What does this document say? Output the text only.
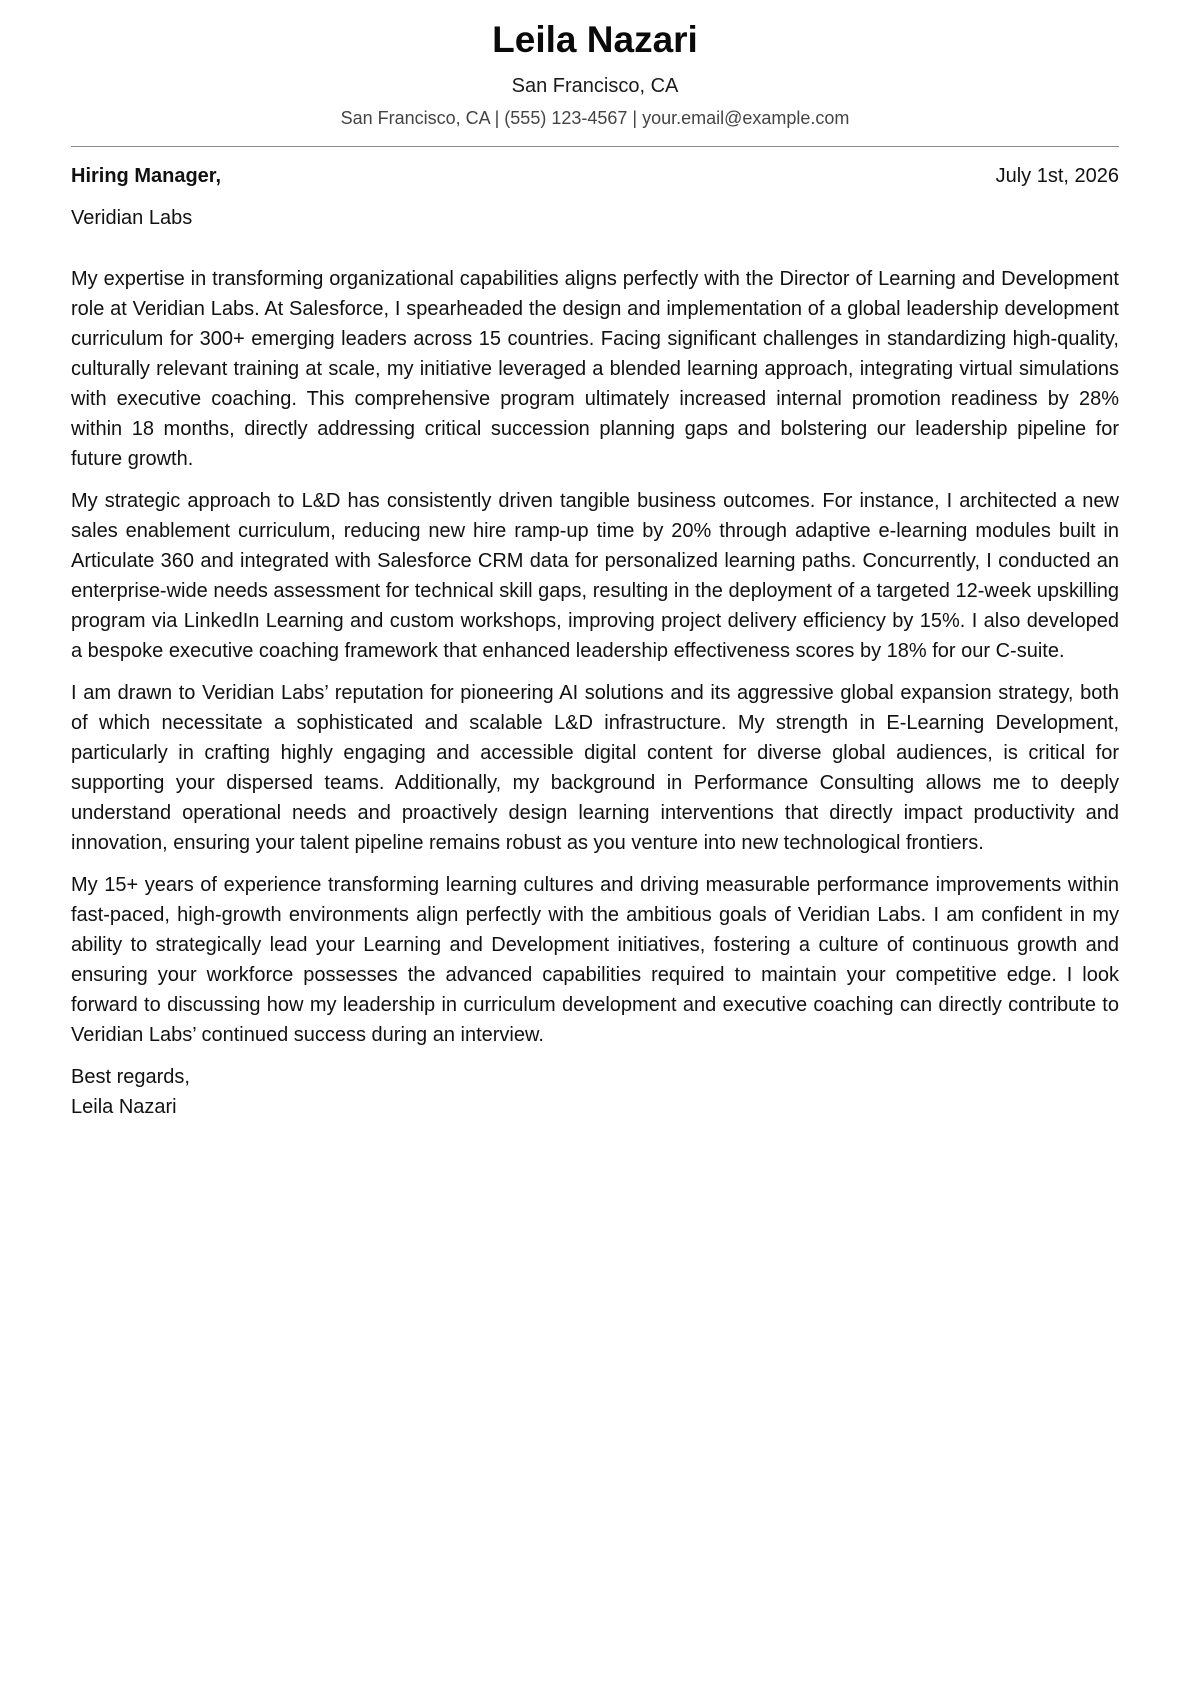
Leila Nazari
San Francisco, CA
San Francisco, CA | (555) 123-4567 | your.email@example.com
Hiring Manager,	July 1st, 2026
Veridian Labs

My expertise in transforming organizational capabilities aligns perfectly with the Director of Learning and Development role at Veridian Labs. At Salesforce, I spearheaded the design and implementation of a global leadership development curriculum for 300+ emerging leaders across 15 countries. Facing significant challenges in standardizing high-quality, culturally relevant training at scale, my initiative leveraged a blended learning approach, integrating virtual simulations with executive coaching. This comprehensive program ultimately increased internal promotion readiness by 28% within 18 months, directly addressing critical succession planning gaps and bolstering our leadership pipeline for future growth.

My strategic approach to L&D has consistently driven tangible business outcomes. For instance, I architected a new sales enablement curriculum, reducing new hire ramp-up time by 20% through adaptive e-learning modules built in Articulate 360 and integrated with Salesforce CRM data for personalized learning paths. Concurrently, I conducted an enterprise-wide needs assessment for technical skill gaps, resulting in the deployment of a targeted 12-week upskilling program via LinkedIn Learning and custom workshops, improving project delivery efficiency by 15%. I also developed a bespoke executive coaching framework that enhanced leadership effectiveness scores by 18% for our C-suite.

I am drawn to Veridian Labs’ reputation for pioneering AI solutions and its aggressive global expansion strategy, both of which necessitate a sophisticated and scalable L&D infrastructure. My strength in E-Learning Development, particularly in crafting highly engaging and accessible digital content for diverse global audiences, is critical for supporting your dispersed teams. Additionally, my background in Performance Consulting allows me to deeply understand operational needs and proactively design learning interventions that directly impact productivity and innovation, ensuring your talent pipeline remains robust as you venture into new technological frontiers.

My 15+ years of experience transforming learning cultures and driving measurable performance improvements within fast-paced, high-growth environments align perfectly with the ambitious goals of Veridian Labs. I am confident in my ability to strategically lead your Learning and Development initiatives, fostering a culture of continuous growth and ensuring your workforce possesses the advanced capabilities required to maintain your competitive edge. I look forward to discussing how my leadership in curriculum development and executive coaching can directly contribute to Veridian Labs’ continued success during an interview.

Best regards,
Leila Nazari
